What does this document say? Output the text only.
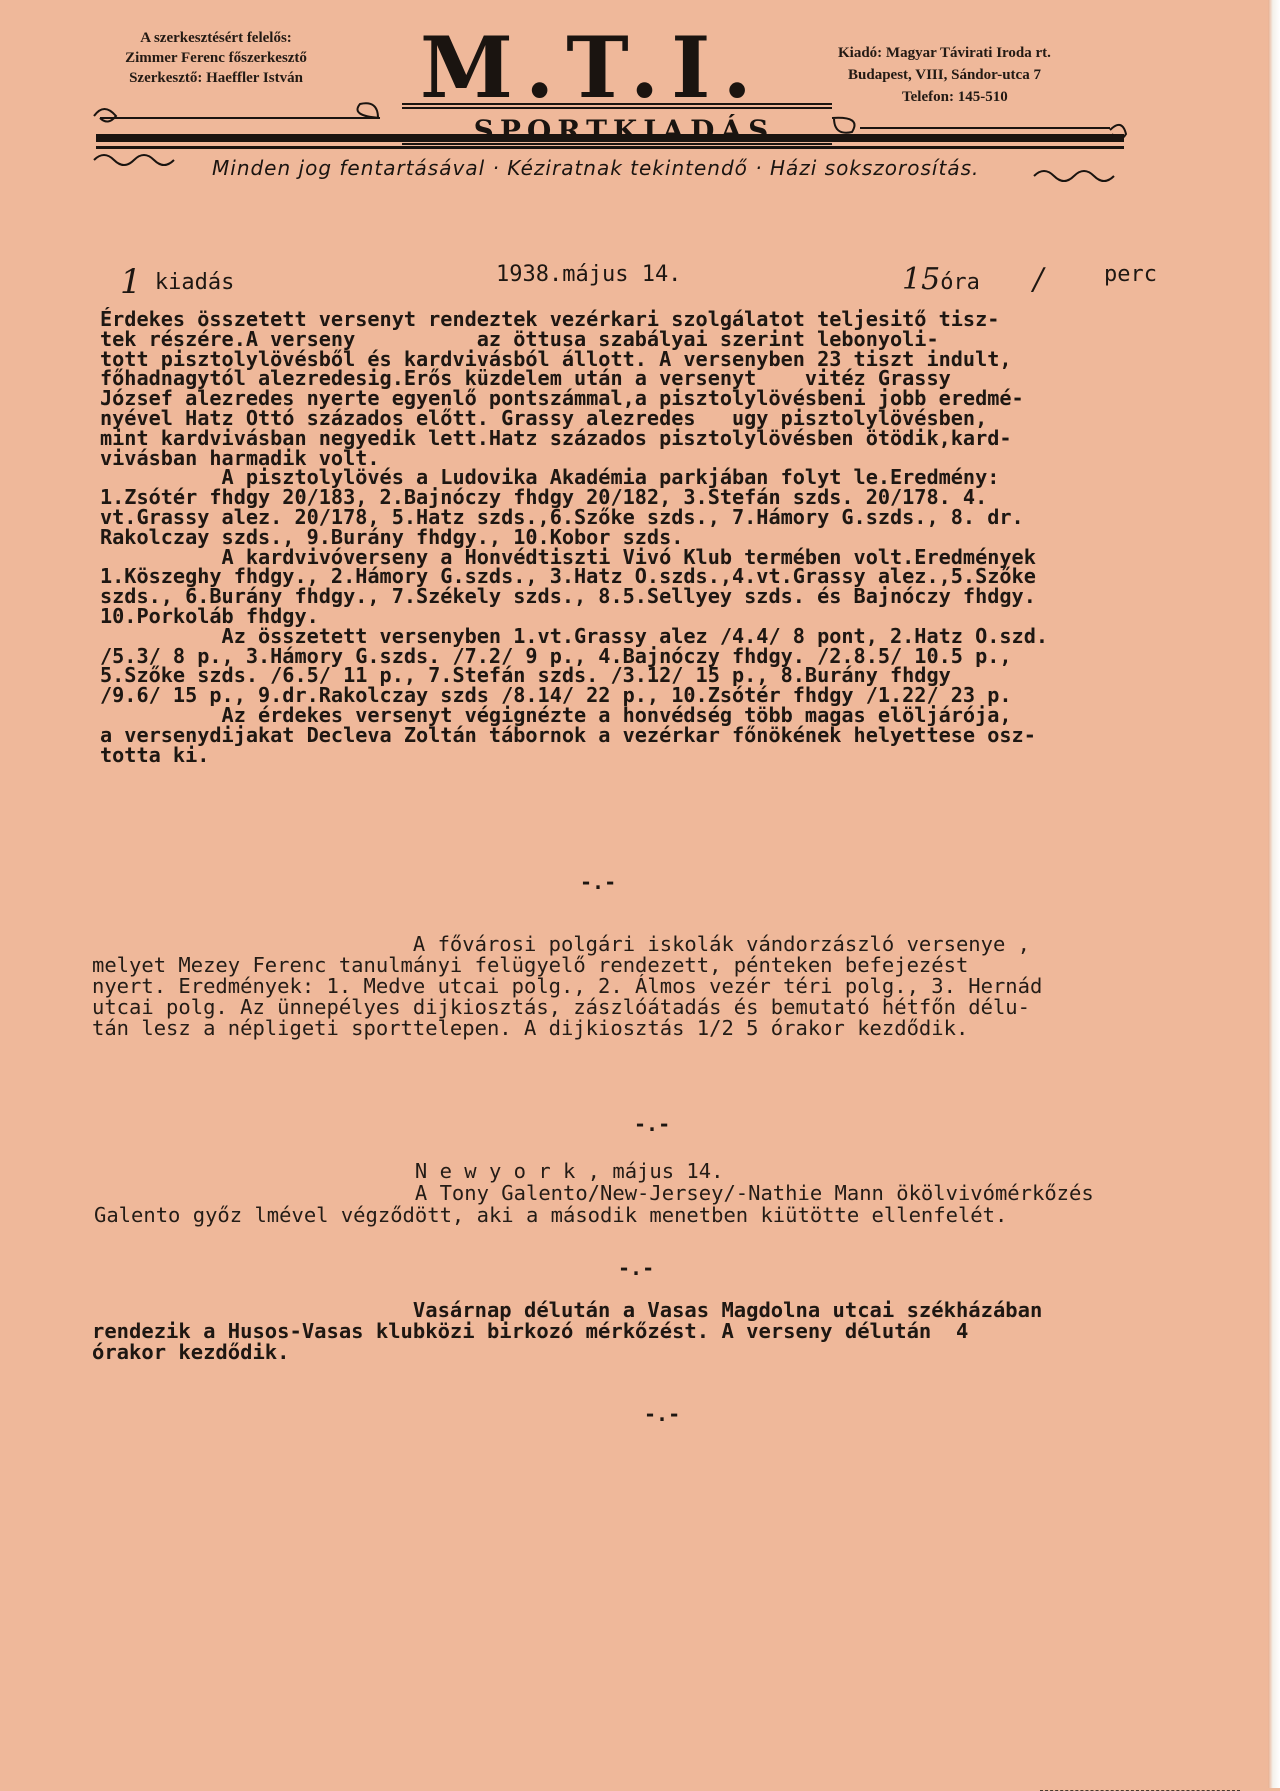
A szerkesztésért felelős:
Zimmer Ferenc főszerkesztő
Szerkesztő: Haeffler István	M.T.I.	Kiadó: Magyar Távirati Iroda rt.
Budapest, VIII, Sándor-utca 7
Telefon: 145-510
SPORTKIADÁS
Minden jog fentartásával · Kéziratnak tekintendő · Házi sokszorosítás.
1 kiadás	1938.május 14.	15óra /	perc
Érdekes összetett versenyt rendeztek vezérkari szolgálatot teljesitő tisz-
tek részére.A verseny          az öttusa szabályai szerint lebonyoli-
tott pisztolylövésből és kardvivásból állott. A versenyben 23 tiszt indult,
főhadnagytól alezredesig.Erős küzdelem után a versenyt    vitéz Grassy
József alezredes nyerte egyenlő pontszámmal,a pisztolylövésbeni jobb eredmé-
nyével Hatz Ottó százados előtt. Grassy alezredes   ugy pisztolylövésben,
mint kardvivásban negyedik lett.Hatz százados pisztolylövésben ötödik,kard-
vivásban harmadik volt.
A pisztolylövés a Ludovika Akadémia parkjában folyt le.Eredmény:
1.Zsótér fhdgy 20/183, 2.Bajnóczy fhdgy 20/182, 3.Stefán szds. 20/178. 4.
vt.Grassy alez. 20/178, 5.Hatz szds.,6.Szőke szds., 7.Hámory G.szds., 8. dr.
Rakolczay szds., 9.Burány fhdgy., 10.Kobor szds.
A kardvivóverseny a Honvédtiszti Vivó Klub termében volt.Eredmények
1.Köszeghy fhdgy., 2.Hámory G.szds., 3.Hatz O.szds.,4.vt.Grassy alez.,5.Szőke
szds., 6.Burány fhdgy., 7.Székely szds., 8.5.Sellyey szds. és Bajnóczy fhdgy.
10.Porkoláb fhdgy.
Az összetett versenyben 1.vt.Grassy alez /4.4/ 8 pont, 2.Hatz O.szd.
/5.3/ 8 p., 3.Hámory G.szds. /7.2/ 9 p., 4.Bajnóczy fhdgy. /2.8.5/ 10.5 p.,
5.Szőke szds. /6.5/ 11 p., 7.Stefán szds. /3.12/ 15 p., 8.Burány fhdgy
/9.6/ 15 p., 9.dr.Rakolczay szds /8.14/ 22 p., 10.Zsótér fhdgy /1.22/ 23 p.
Az érdekes versenyt végignézte a honvédség több magas elöljárója,
a versenydijakat Decleva Zoltán tábornok a vezérkar főnökének helyettese osz-
totta ki.
-.-
A fővárosi polgári iskolák vándorzászló versenye ,
melyet Mezey Ferenc tanulmányi felügyelő rendezett, pénteken befejezést
nyert. Eredmények: 1. Medve utcai polg., 2. Álmos vezér téri polg., 3. Hernád
utcai polg. Az ünnepélyes dijkiosztás, zászlóátadás és bemutató hétfőn délu-
tán lesz a népligeti sporttelepen. A dijkiosztás 1/2 5 órakor kezdődik.
-.-
N e w y o r k , május 14.
A Tony Galento/New-Jersey/-Nathie Mann ökölvivómérkőzés
Galento győz lmével végződött, aki a második menetben kiütötte ellenfelét.
-.-
Vasárnap délután a Vasas Magdolna utcai székházában
rendezik a Husos-Vasas klubközi birkozó mérkőzést. A verseny délután  4
órakor kezdődik.
-.-
